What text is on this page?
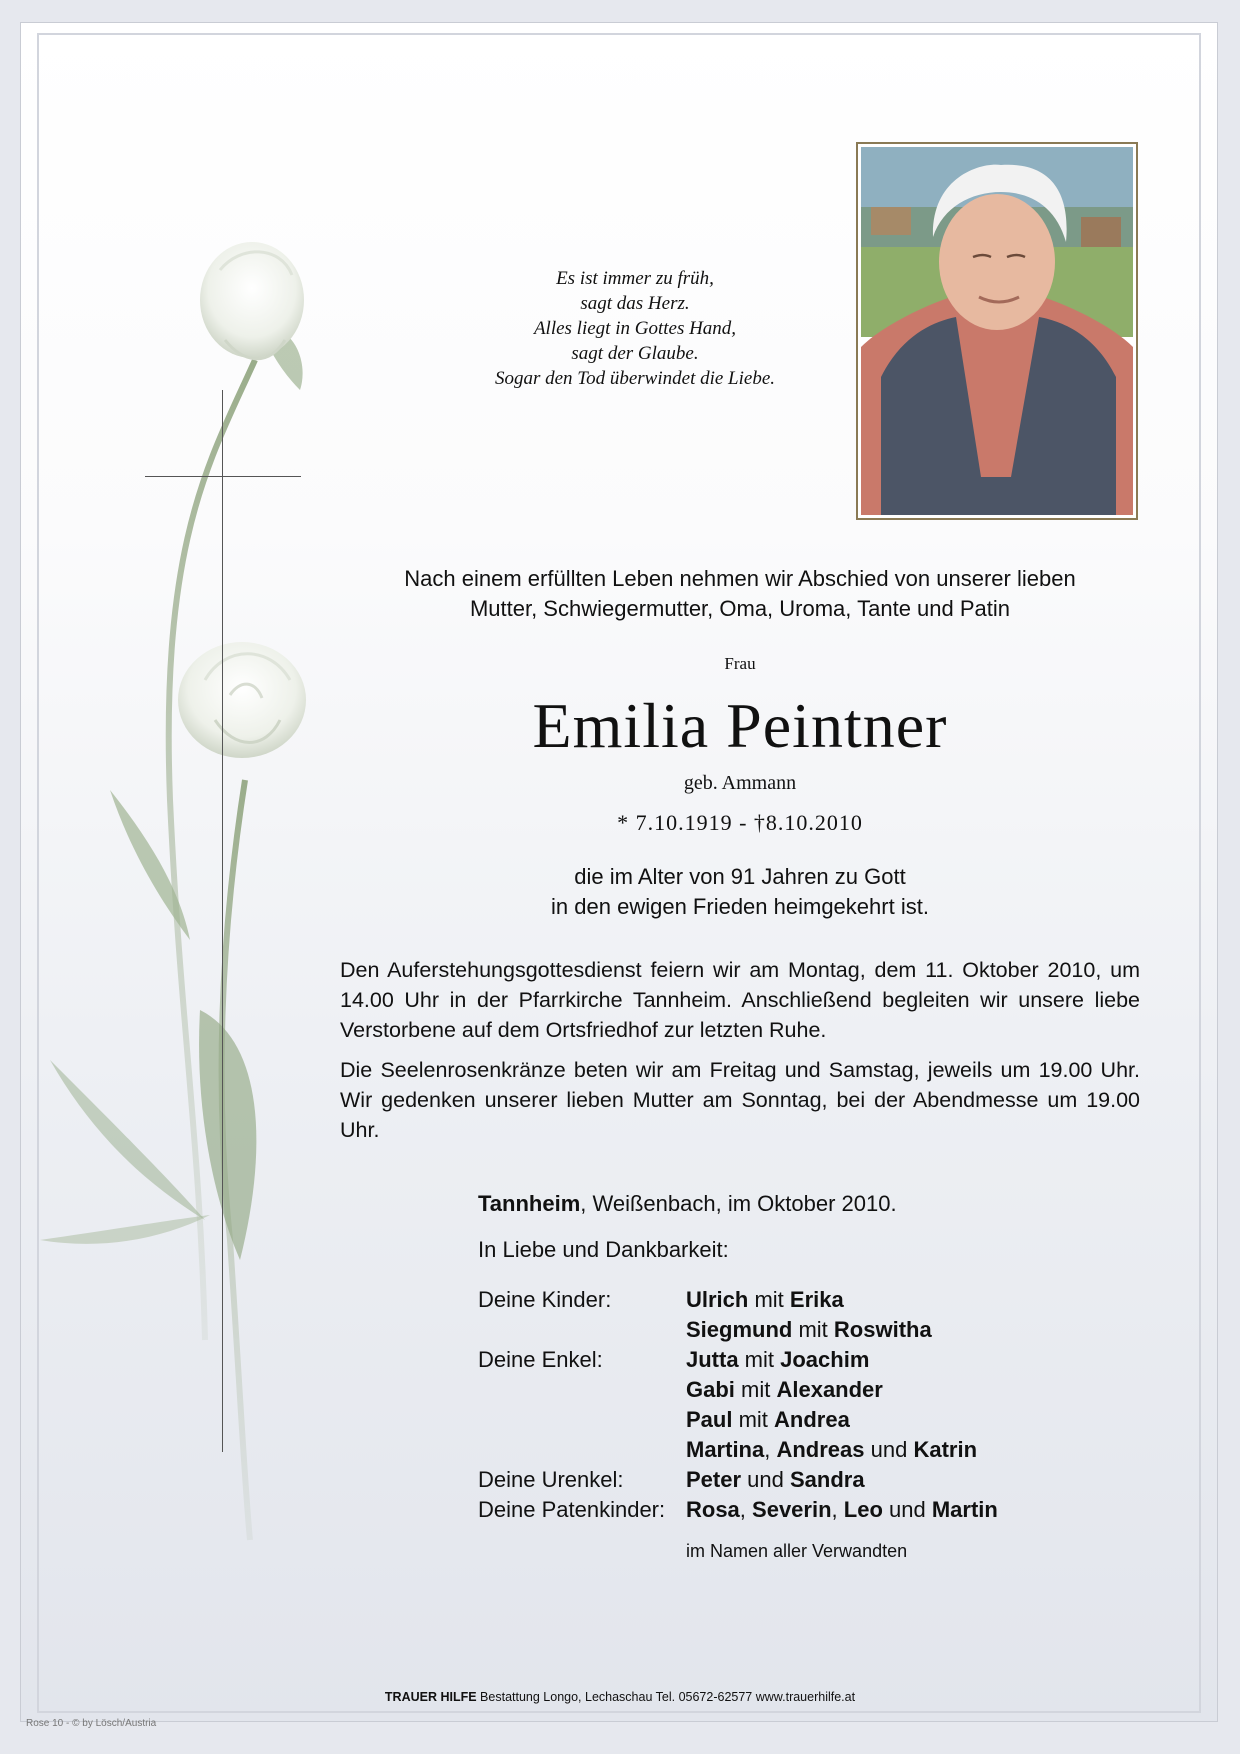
Es ist immer zu früh,
sagt das Herz.
Alles liegt in Gottes Hand,
sagt der Glaube.
Sogar den Tod überwindet die Liebe.
Nach einem erfüllten Leben nehmen wir Abschied von unserer lieben
Mutter, Schwiegermutter, Oma, Uroma, Tante und Patin
Frau
Emilia Peintner
geb. Ammann
* 7.10.1919 - †8.10.2010
die im Alter von 91 Jahren zu Gott
in den ewigen Frieden heimgekehrt ist.
Den Auferstehungsgottesdienst feiern wir am Montag, dem 11. Oktober 2010, um 14.00 Uhr in der Pfarrkirche Tannheim. Anschließend begleiten wir unsere liebe Verstorbene auf dem Ortsfriedhof zur letzten Ruhe.
Die Seelenrosenkränze beten wir am Freitag und Samstag, jeweils um 19.00 Uhr. Wir gedenken unserer lieben Mutter am Sonntag, bei der Abendmesse um 19.00 Uhr.
Tannheim, Weißenbach, im Oktober 2010.
In Liebe und Dankbarkeit:
Deine Kinder:	Ulrich mit Erika
Siegmund mit Roswitha
Deine Enkel:	Jutta mit Joachim
Gabi mit Alexander
Paul mit Andrea
Martina, Andreas und Katrin
Deine Urenkel:	Peter und Sandra
Deine Patenkinder: Rosa, Severin, Leo und Martin
im Namen aller Verwandten
TRAUER HILFE Bestattung Longo, Lechaschau Tel. 05672-62577 www.trauerhilfe.at
Rose 10 - © by Lösch/Austria
